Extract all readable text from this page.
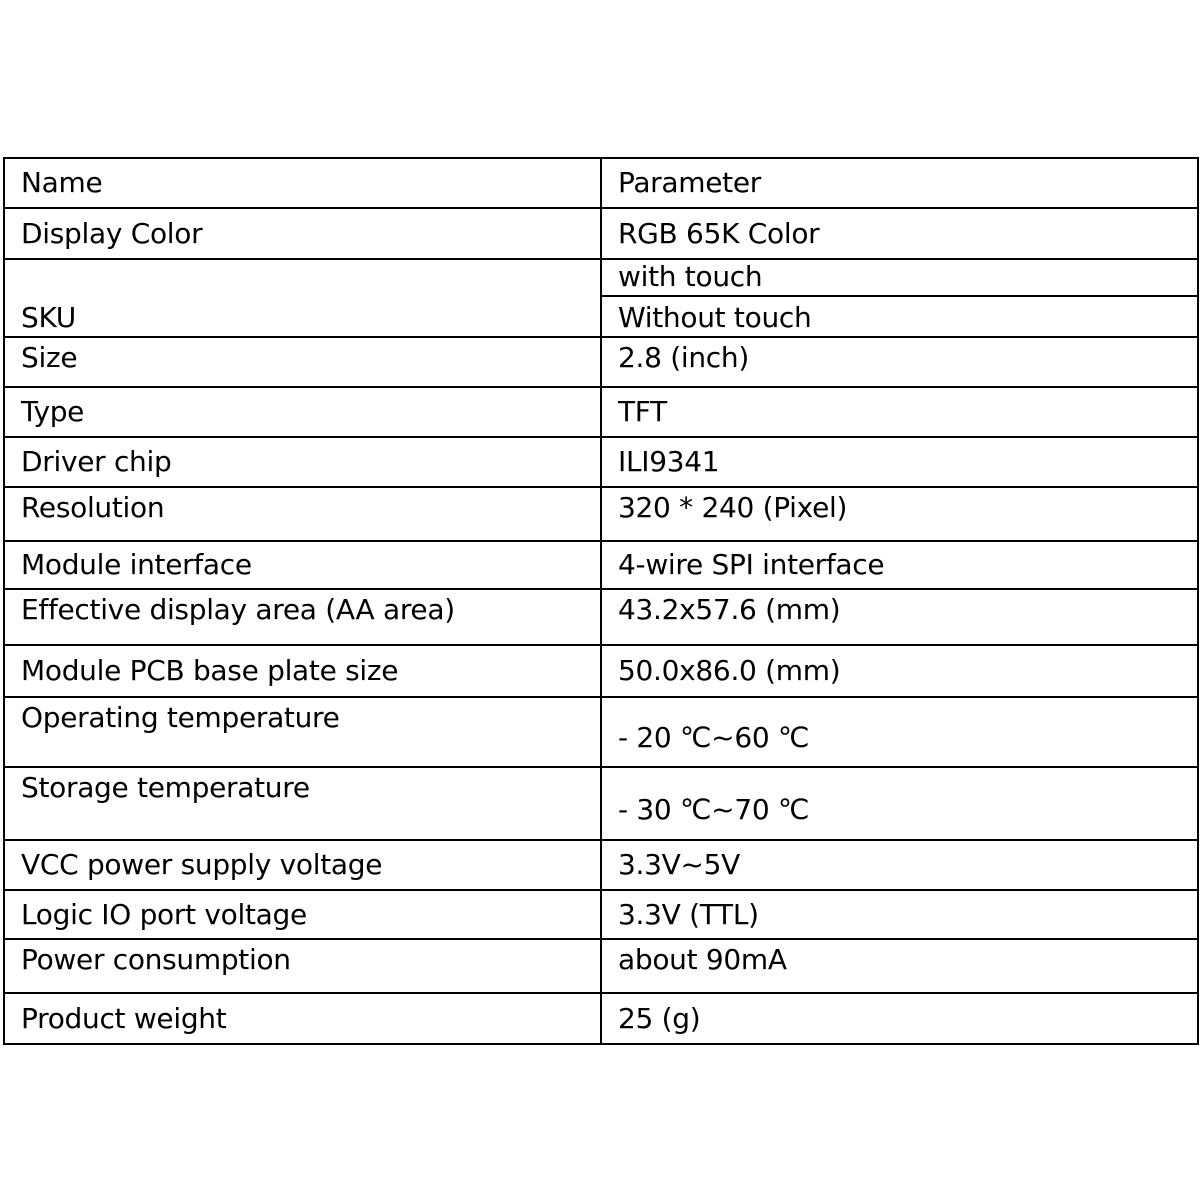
Name	Parameter
Display Color	RGB 65K Color
SKU	with touch
	Without touch
Size	2.8 (inch)
Type	TFT
Driver chip	ILI9341
Resolution	320 * 240 (Pixel)
Module interface	4-wire SPI interface
Effective display area (AA area)	43.2x57.6 (mm)
Module PCB base plate size	50.0x86.0 (mm)
Operating temperature	- 20 ℃~60 ℃
Storage temperature	- 30 ℃~70 ℃
VCC power supply voltage	3.3V~5V
Logic IO port voltage	3.3V (TTL)
Power consumption	about 90mA
Product weight	25 (g)
